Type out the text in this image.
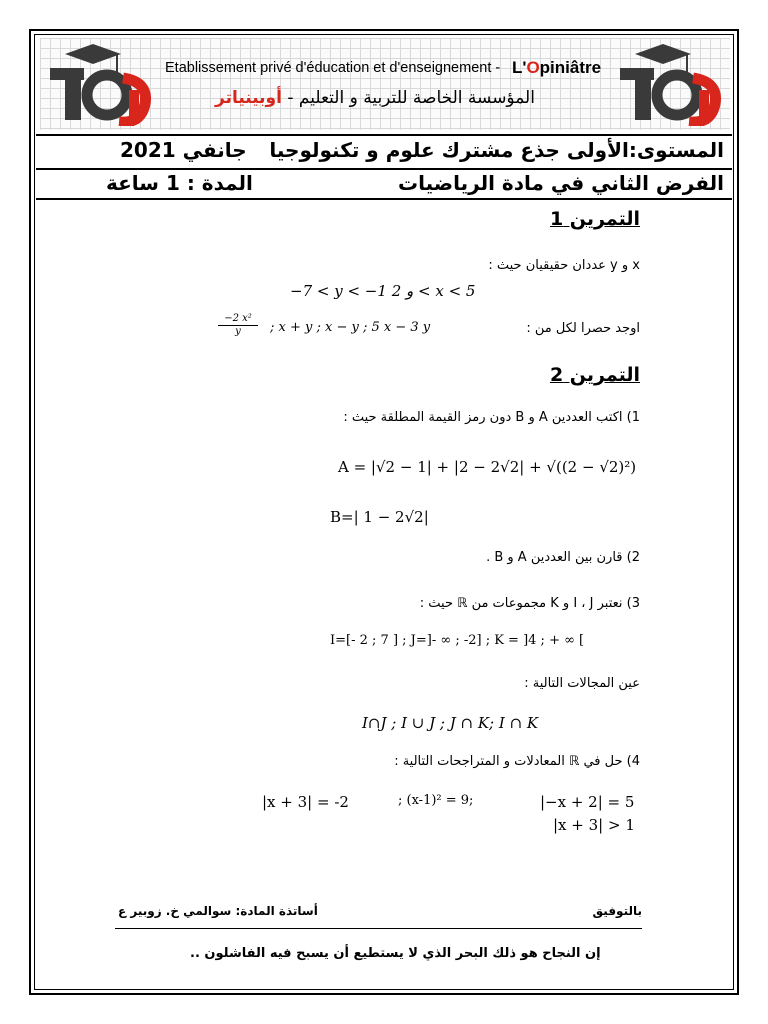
Etablissement privé d'éducation et d'enseignement - L'Opiniâtre
المؤسسة الخاصة للتربية و التعليم - أوبينياتر
المستوى:الأولى جذع مشترك علوم و تكنولوجيا
جانفي 2021
الفرض الثاني في مادة الرياضيات
المدة : 1 ساعة
التمرين 1
x و y عددان حقيقيان حيث :
−7 < y < −1 و 2 < x < 5
اوجد حصرا لكل من :
x + y ; x − y ; 5 x − 3 y ;
$\frac{\text{−2 x²}}{y}$
التمرين 2
1) اكتب العددين A و B دون رمز القيمة المطلقة حيث :
A = |√2 − 1| + |2 − 2√2| + √((2 − √2)²)
B=| 1 − 2√2|
2) قارن بين العددين A و B .
3) نعتبر I ، J و K مجموعات من ℝ حيث :
I=[- 2 ; 7 ] ; J=]- ∞ ; -2] ; K = ]4 ; + ∞ [
عين المجالات التالية :
I∩J ; I ∪ J ; J ∩ K; I ∩ K
4) حل في ℝ المعادلات و المتراجحات التالية :
|x + 3| = -2	; (x-1)² = 9;	|−x + 2| = 5
|x + 3| > 1
أساتذة المادة: سوالمي خ. زوبير ع	بالتوفيق
إن النجاح هو ذلك البحر الذي لا يستطيع أن يسبح فيه الفاشلون ..
